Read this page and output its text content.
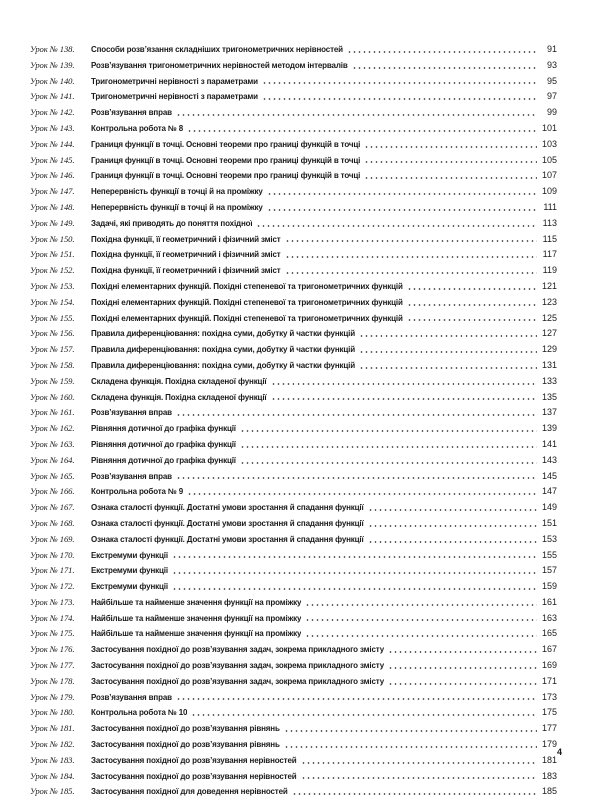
Урок № 138.	Способи розв’язання складніших тригонометричних нерівностей	91
Урок № 139.	Розв’язування тригонометричних нерівностей методом інтервалів	93
Урок № 140.	Тригонометричні нерівності з параметрами	95
Урок № 141.	Тригонометричні нерівності з параметрами	97
Урок № 142.	Розв’язування вправ	99
Урок № 143.	Контрольна робота № 8	101
Урок № 144.	Границя функції в точці. Основні теореми про границі функцій в точці	103
Урок № 145.	Границя функції в точці. Основні теореми про границі функцій в точці	105
Урок № 146.	Границя функції в точці. Основні теореми про границі функцій в точці	107
Урок № 147.	Неперервність функції в точці й на проміжку	109
Урок № 148.	Неперервність функції в точці й на проміжку	111
Урок № 149.	Задачі, які приводять до поняття похідної	113
Урок № 150.	Похідна функції, її геометричний і фізичний зміст	115
Урок № 151.	Похідна функції, її геометричний і фізичний зміст	117
Урок № 152.	Похідна функції, її геометричний і фізичний зміст	119
Урок № 153.	Похідні елементарних функцій. Похідні степеневої та тригонометричних функцій	121
Урок № 154.	Похідні елементарних функцій. Похідні степеневої та тригонометричних функцій	123
Урок № 155.	Похідні елементарних функцій. Похідні степеневої та тригонометричних функцій	125
Урок № 156.	Правила диференціювання: похідна суми, добутку й частки функцій	127
Урок № 157.	Правила диференціювання: похідна суми, добутку й частки функцій	129
Урок № 158.	Правила диференціювання: похідна суми, добутку й частки функцій	131
Урок № 159.	Складена функція. Похідна складеної функції	133
Урок № 160.	Складена функція. Похідна складеної функції	135
Урок № 161.	Розв’язування вправ	137
Урок № 162.	Рівняння дотичної до графіка функції	139
Урок № 163.	Рівняння дотичної до графіка функції	141
Урок № 164.	Рівняння дотичної до графіка функції	143
Урок № 165.	Розв’язування вправ	145
Урок № 166.	Контрольна робота № 9	147
Урок № 167.	Ознака сталості функції. Достатні умови зростання й спадання функції	149
Урок № 168.	Ознака сталості функції. Достатні умови зростання й спадання функції	151
Урок № 169.	Ознака сталості функції. Достатні умови зростання й спадання функції	153
Урок № 170.	Екстремуми функції	155
Урок № 171.	Екстремуми функції	157
Урок № 172.	Екстремуми функції	159
Урок № 173.	Найбільше та найменше значення функції на проміжку	161
Урок № 174.	Найбільше та найменше значення функції на проміжку	163
Урок № 175.	Найбільше та найменше значення функції на проміжку	165
Урок № 176.	Застосування похідної до розв’язування задач, зокрема прикладного змісту	167
Урок № 177.	Застосування похідної до розв’язування задач, зокрема прикладного змісту	169
Урок № 178.	Застосування похідної до розв’язування задач, зокрема прикладного змісту	171
Урок № 179.	Розв’язування вправ	173
Урок № 180.	Контрольна робота № 10	175
Урок № 181.	Застосування похідної до розв’язування рівнянь	177
Урок № 182.	Застосування похідної до розв’язування рівнянь	179
Урок № 183.	Застосування похідної до розв’язування нерівностей	181
Урок № 184.	Застосування похідної до розв’язування нерівностей	183
Урок № 185.	Застосування похідної для доведення нерівностей	185
4
